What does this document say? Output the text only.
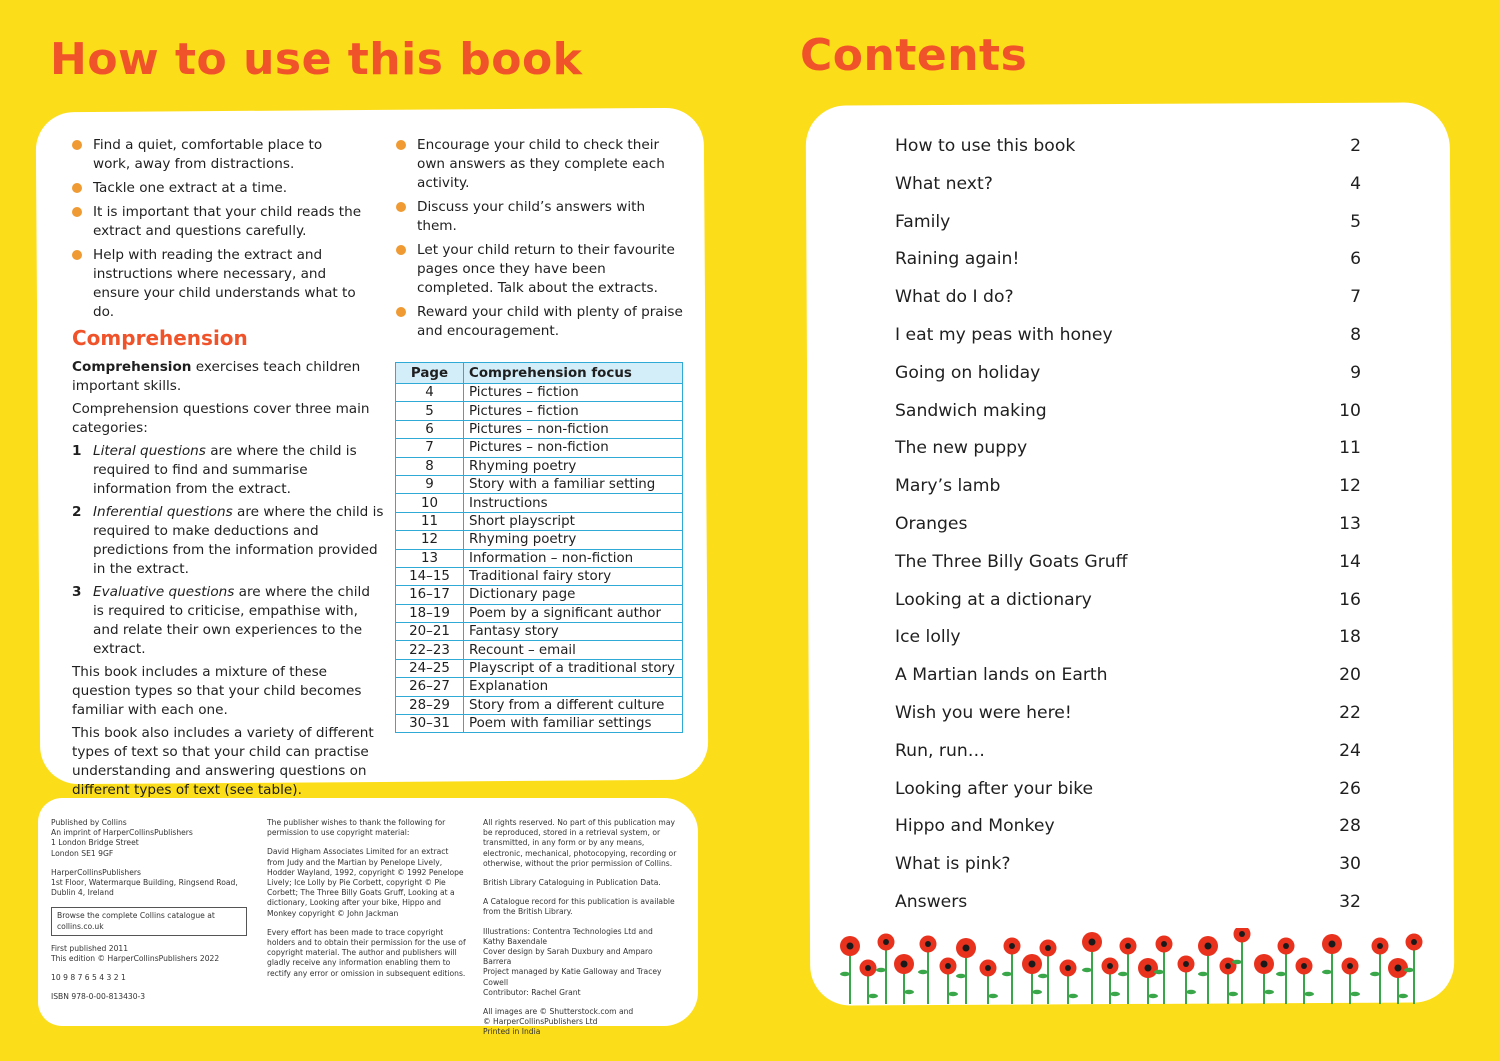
How to use this book
Find a quiet, comfortable place to work, away from distractions.
Tackle one extract at a time.
It is important that your child reads the extract and questions carefully.
Help with reading the extract and instructions where necessary, and ensure your child understands what to do.
Encourage your child to check their own answers as they complete each activity.
Discuss your child’s answers with them.
Let your child return to their favourite pages once they have been completed. Talk about the extracts.
Reward your child with plenty of praise and encouragement.
Comprehension

Comprehension exercises teach children important skills.

Comprehension questions cover three main categories:

1 Literal questions are where the child is required to find and summarise information from the extract.
2 Inferential questions are where the child is required to make deductions and predictions from the information provided in the extract.
3 Evaluative questions are where the child is required to criticise, empathise with, and relate their own experiences to the extract.

This book includes a mixture of these question types so that your child becomes familiar with each one.

This book also includes a variety of different types of text so that your child can practise understanding and answering questions on different types of text (see table).

Page	Comprehension focus
4	Pictures – fiction
5	Pictures – fiction
6	Pictures – non-fiction
7	Pictures – non-fiction
8	Rhyming poetry
9	Story with a familiar setting
10	Instructions
11	Short playscript
12	Rhyming poetry
13	Information – non-fiction
14–15	Traditional fairy story
16–17	Dictionary page
18–19	Poem by a significant author
20–21	Fantasy story
22–23	Recount – email
24–25	Playscript of a traditional story
26–27	Explanation
28–29	Story from a different culture
30–31	Poem with familiar settings

Published by Collins
An imprint of HarperCollinsPublishers
1 London Bridge Street
London SE1 9GF

HarperCollinsPublishers
1st Floor, Watermarque Building, Ringsend Road,
Dublin 4, Ireland

Browse the complete Collins catalogue at collins.co.uk

First published 2011
This edition © HarperCollinsPublishers 2022

10 9 8 7 6 5 4 3 2 1

ISBN 978-0-00-813430-3

The publisher wishes to thank the following for permission to use copyright material:

David Higham Associates Limited for an extract from Judy and the Martian by Penelope Lively, Hodder Wayland, 1992, copyright © 1992 Penelope Lively; Ice Lolly by Pie Corbett, copyright © Pie Corbett; The Three Billy Goats Gruff, Looking at a dictionary, Looking after your bike, Hippo and Monkey copyright © John Jackman

Every effort has been made to trace copyright holders and to obtain their permission for the use of copyright material. The author and publishers will gladly receive any information enabling them to rectify any error or omission in subsequent editions.

All rights reserved. No part of this publication may be reproduced, stored in a retrieval system, or transmitted, in any form or by any means, electronic, mechanical, photocopying, recording or otherwise, without the prior permission of Collins.

British Library Cataloguing in Publication Data.

A Catalogue record for this publication is available from the British Library.

Illustrations: Contentra Technologies Ltd and
Kathy Baxendale
Cover design by Sarah Duxbury and Amparo Barrera
Project managed by Katie Galloway and Tracey Cowell
Contributor: Rachel Grant

All images are © Shutterstock.com and
© HarperCollinsPublishers Ltd
Printed in India

Contents
How to use this book	2
What next?	4
Family	5
Raining again!	6
What do I do?	7
I eat my peas with honey	8
Going on holiday	9
Sandwich making	10
The new puppy	11
Mary’s lamb	12
Oranges	13
The Three Billy Goats Gruff	14
Looking at a dictionary	16
Ice lolly	18
A Martian lands on Earth	20
Wish you were here!	22
Run, run…	24
Looking after your bike	26
Hippo and Monkey	28
What is pink?	30
Answers	32
